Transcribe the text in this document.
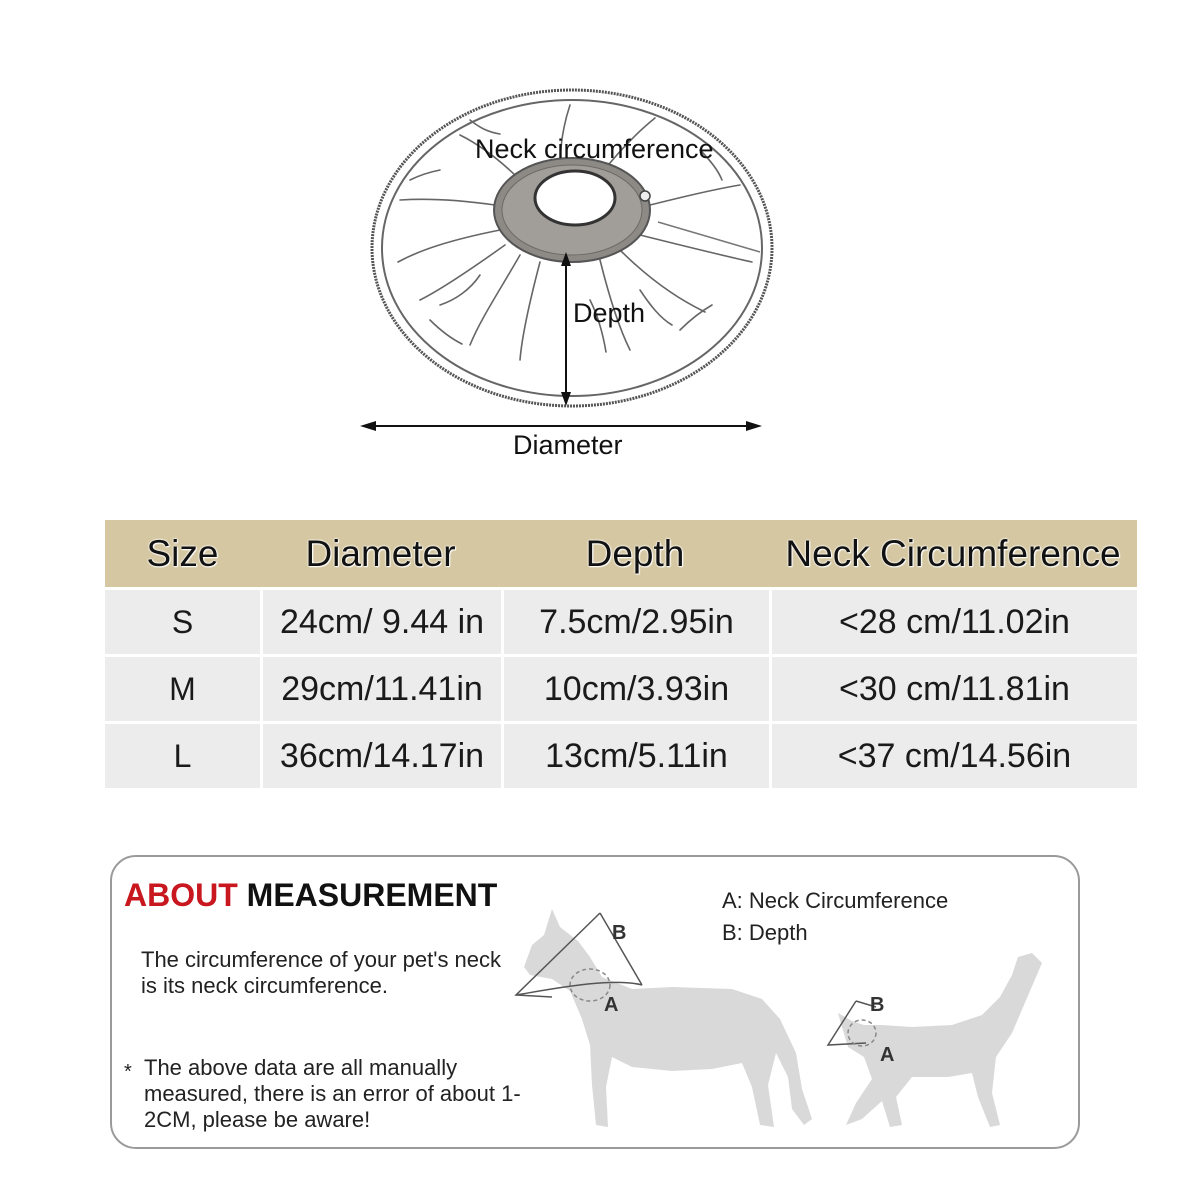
Neck circumference
Depth
Diameter
Size	Diameter	Depth	Neck Circumference
S	24cm/ 9.44 in	7.5cm/2.95in	<28 cm/11.02in
M	29cm/11.41in	10cm/3.93in	<30 cm/11.81in
L	36cm/14.17in	13cm/5.11in	<37 cm/14.56in
B
A	B
A
ABOUT MEASUREMENT
The circumference of your pet's neck is its neck circumference.
* The above data are all manually measured, there is an error of about 1-2CM, please be aware!
A: Neck Circumference
B: Depth
